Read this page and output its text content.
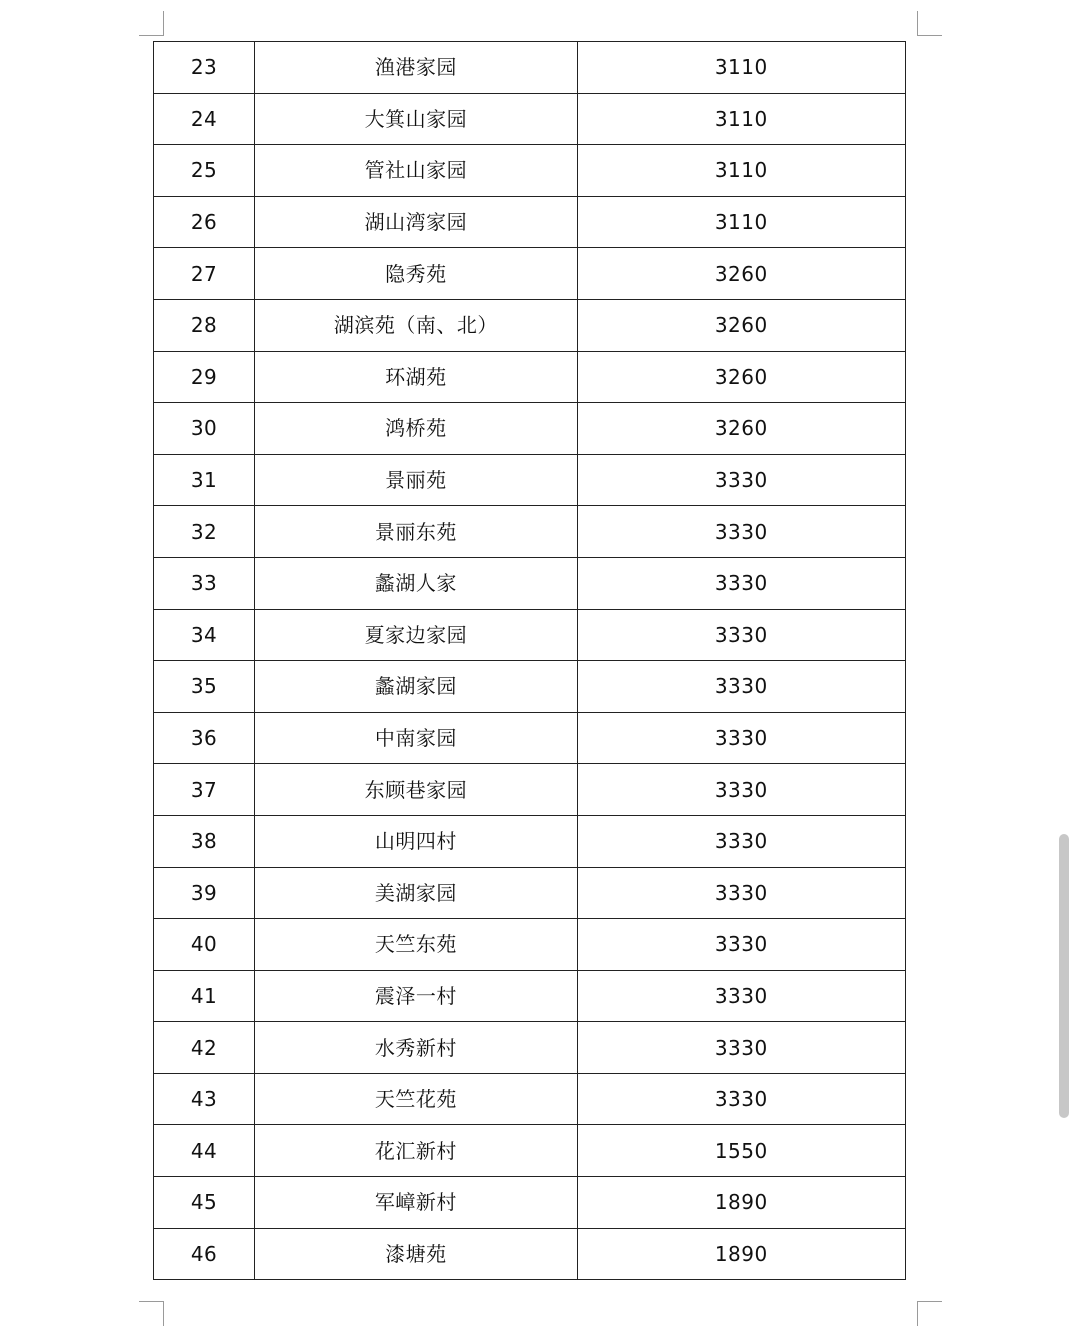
23	渔港家园	3110
24	大箕山家园	3110
25	管社山家园	3110
26	湖山湾家园	3110
27	隐秀苑	3260
28	湖滨苑（南、北）	3260
29	环湖苑	3260
30	鸿桥苑	3260
31	景丽苑	3330
32	景丽东苑	3330
33	蠡湖人家	3330
34	夏家边家园	3330
35	蠡湖家园	3330
36	中南家园	3330
37	东顾巷家园	3330
38	山明四村	3330
39	美湖家园	3330
40	天竺东苑	3330
41	震泽一村	3330
42	水秀新村	3330
43	天竺花苑	3330
44	花汇新村	1550
45	军嶂新村	1890
46	漆塘苑	1890
